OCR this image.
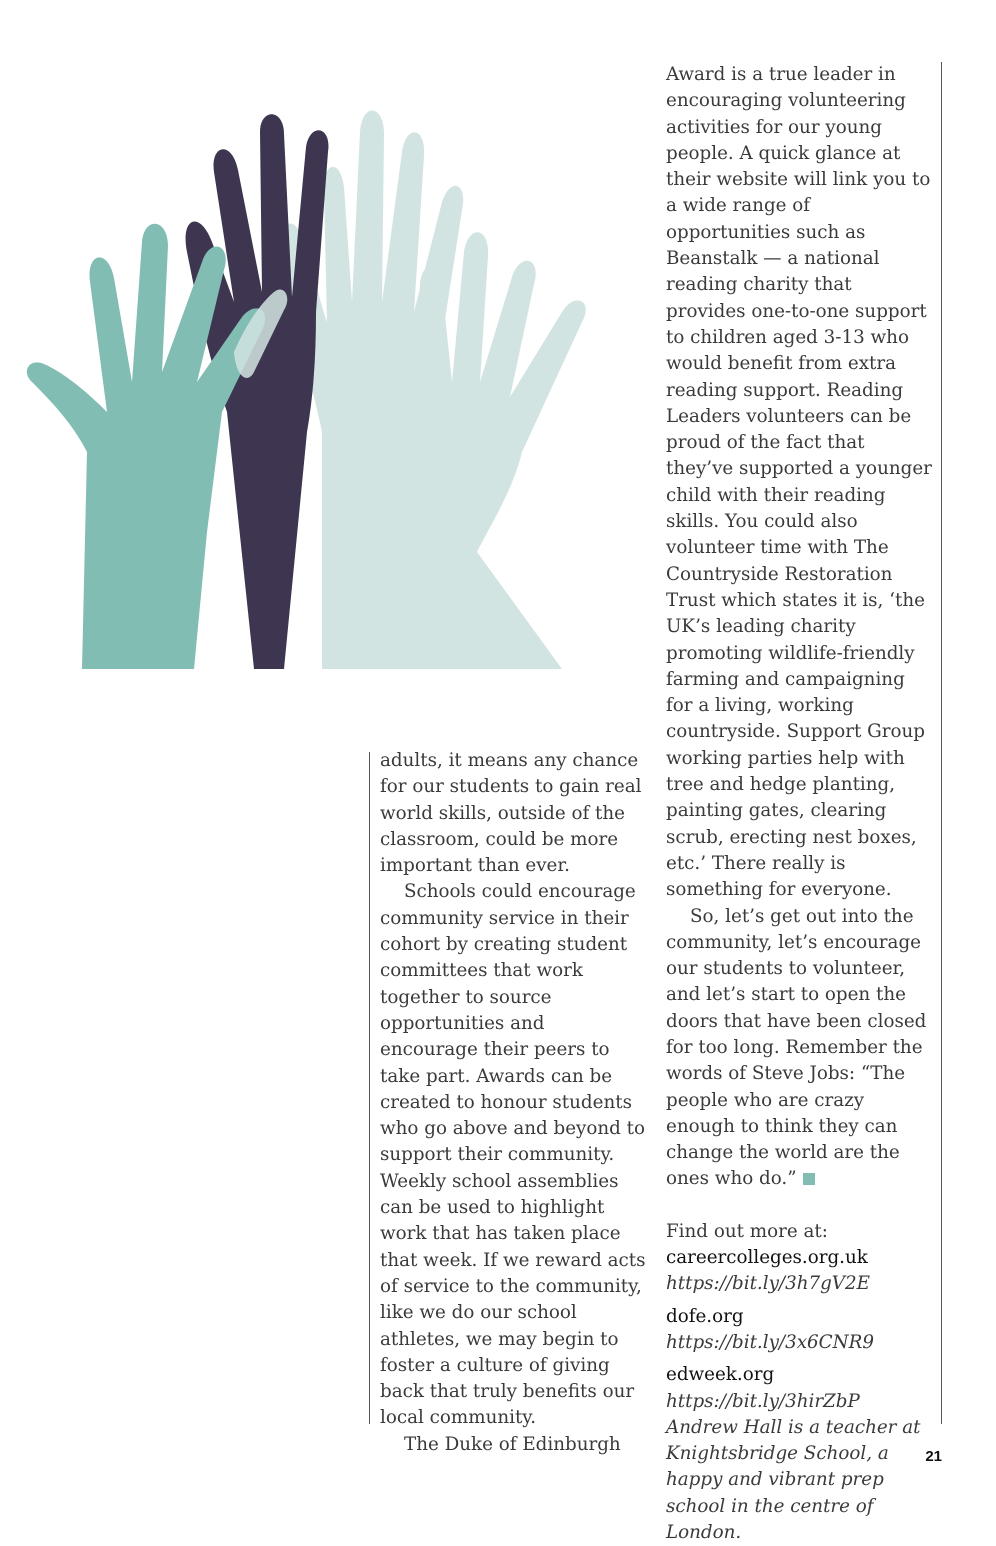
adults, it means any chance for our students to gain real world skills, outside of the classroom, could be more important than ever.

Schools could encourage community service in their cohort by creating student committees that work together to source opportunities and encourage their peers to take part. Awards can be created to honour students who go above and beyond to support their community. Weekly school assemblies can be used to highlight work that has taken place that week. If we reward acts of service to the community, like we do our school athletes, we may begin to foster a culture of giving back that truly benefits our local community.

The Duke of Edinburgh

Award is a true leader in encouraging volunteering activities for our young people. A quick glance at their website will link you to a wide range of opportunities such as Beanstalk — a national reading charity that provides one-to-one support to children aged 3-13 who would benefit from extra reading support. Reading Leaders volunteers can be proud of the fact that they’ve supported a younger child with their reading skills. You could also volunteer time with The Countryside Restoration Trust which states it is, ‘the UK’s leading charity promoting wildlife-friendly farming and campaigning for a living, working countryside. Support Group working parties help with tree and hedge planting, painting gates, clearing scrub, erecting nest boxes, etc.’ There really is something for everyone.

So, let’s get out into the community, let’s encourage our students to volunteer, and let’s start to open the doors that have been closed for too long. Remember the words of Steve Jobs: “The people who are crazy enough to think they can change the world are the ones who do.”

Find out more at:
careercolleges.org.uk
https://bit.ly/3h7gV2E
dofe.org
https://bit.ly/3x6CNR9
edweek.org
https://bit.ly/3hirZbP

Andrew Hall is a teacher at Knightsbridge School, a happy and vibrant prep school in the centre of London.

21
